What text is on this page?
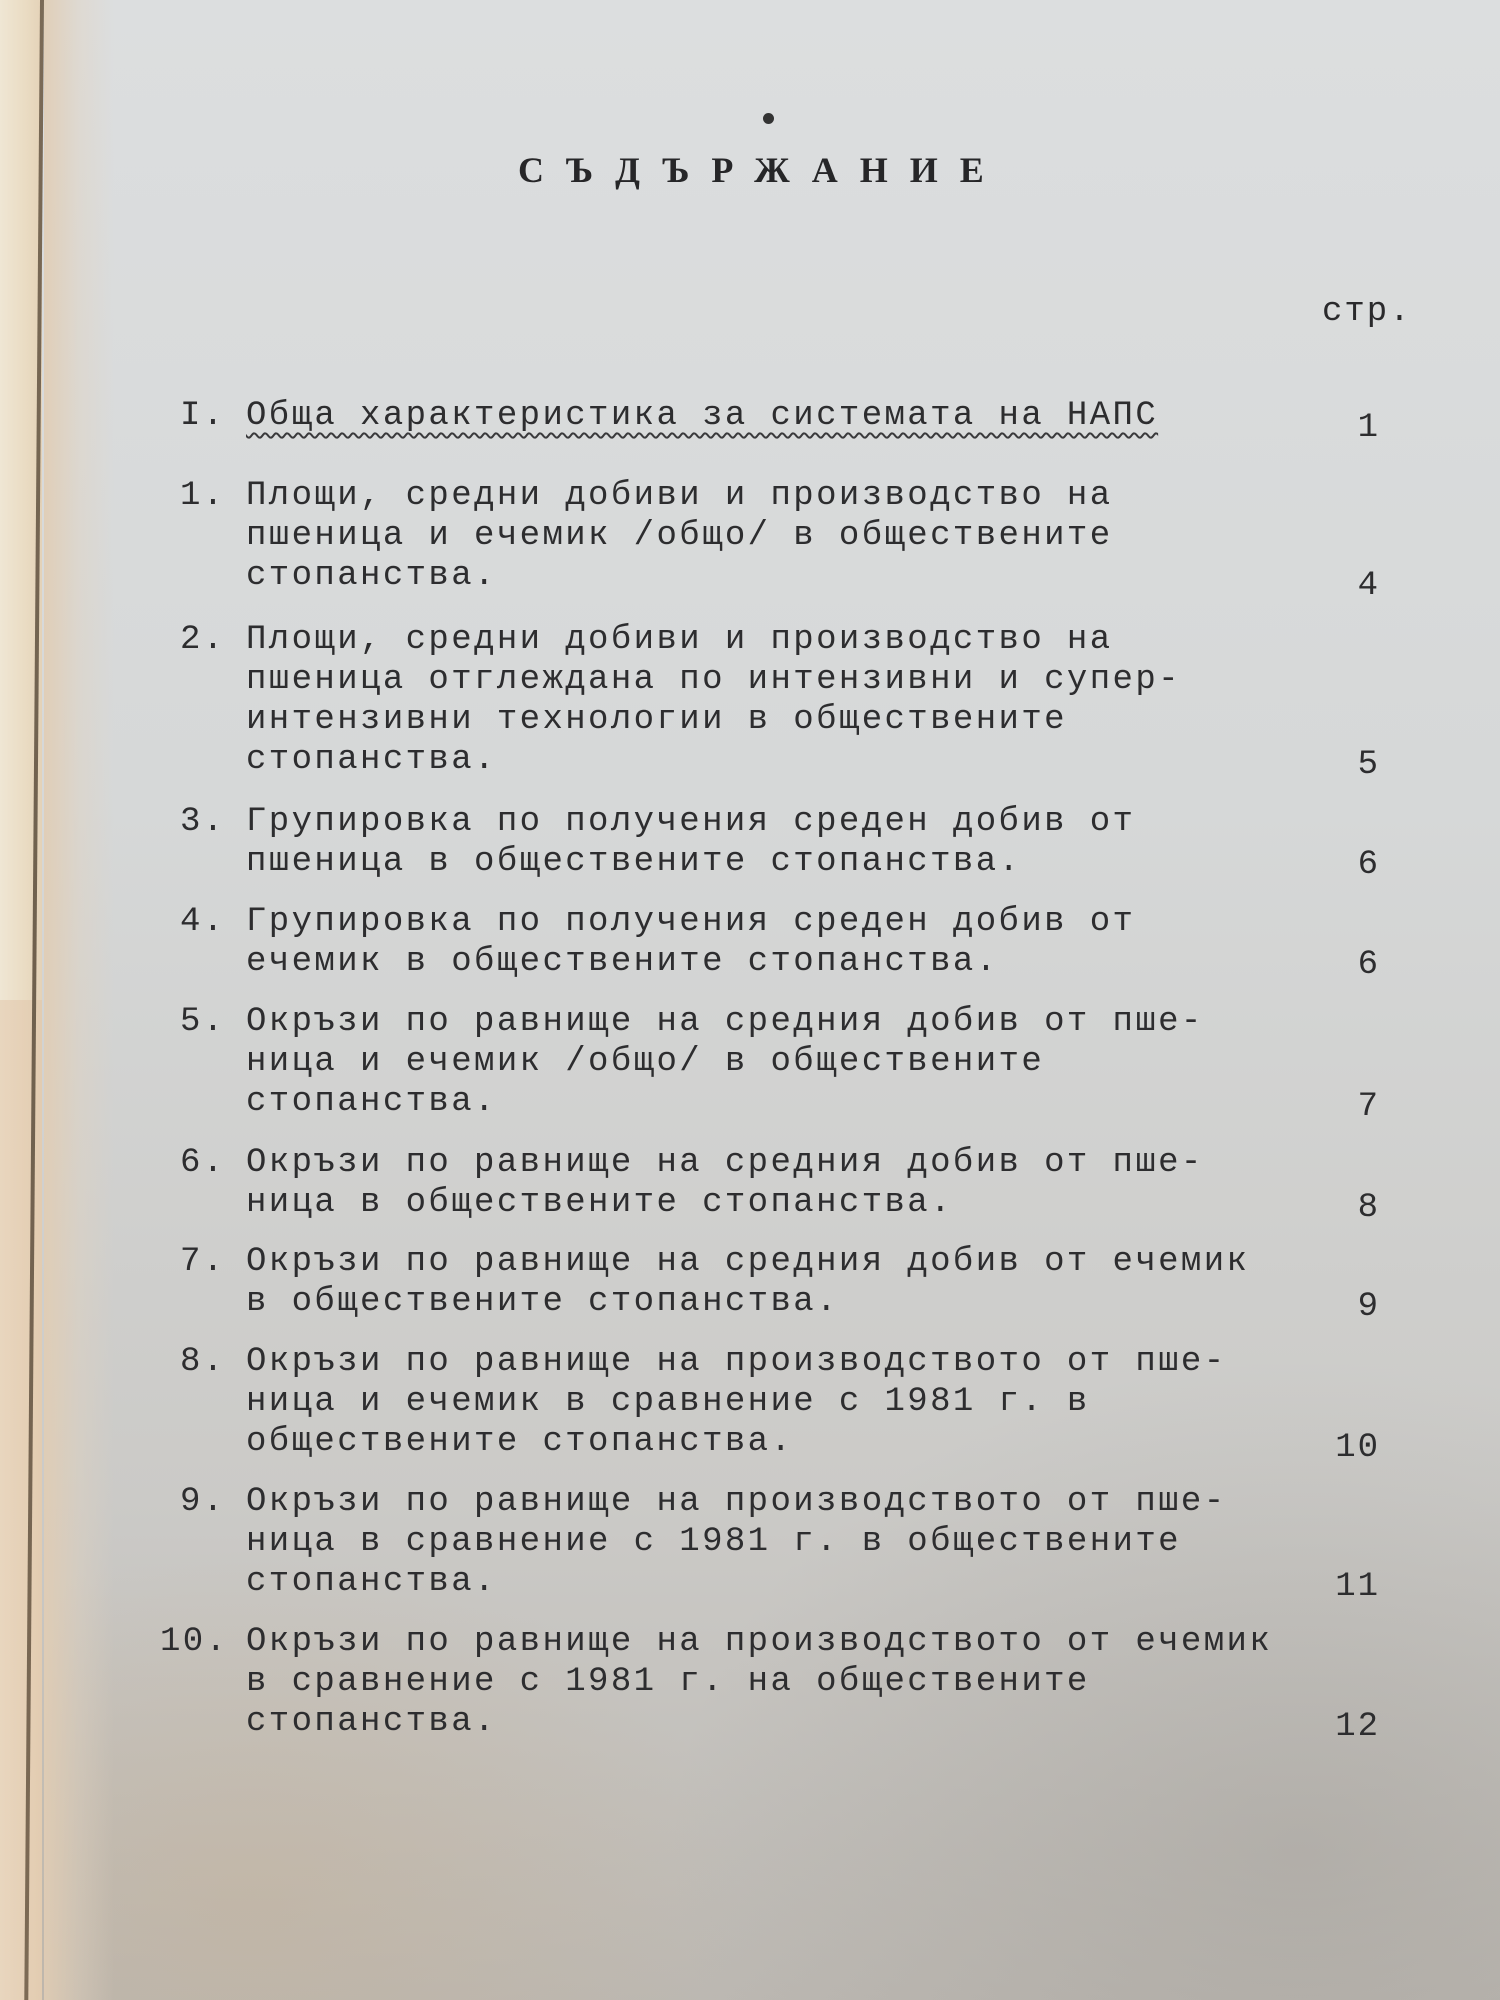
СЪДЪРЖАНИЕ
стр.
I. Обща характеристика за системата на НАПС	1
1. Площи, средни добиви и производство на
пшеница и ечемик /общо/ в обществените
стопанства.	4
2. Площи, средни добиви и производство на
пшеница отглеждана по интензивни и супер-
интензивни технологии в обществените
стопанства.	5
3. Групировка по получения среден добив от
пшеница в обществените стопанства.	6
4. Групировка по получения среден добив от
ечемик в обществените стопанства.	6
5. Окръзи по равнище на средния добив от пше-
ница и ечемик /общо/ в обществените
стопанства.	7
6. Окръзи по равнище на средния добив от пше-
ница в обществените стопанства.	8
7. Окръзи по равнище на средния добив от ечемик
в обществените стопанства.	9
8. Окръзи по равнище на производството от пше-
ница и ечемик в сравнение с 1981 г. в
обществените стопанства.	10
9. Окръзи по равнище на производството от пше-
ница в сравнение с 1981 г. в обществените
стопанства.	11
10. Окръзи по равнище на производството от ечемик
в сравнение с 1981 г. на обществените
стопанства.	12
